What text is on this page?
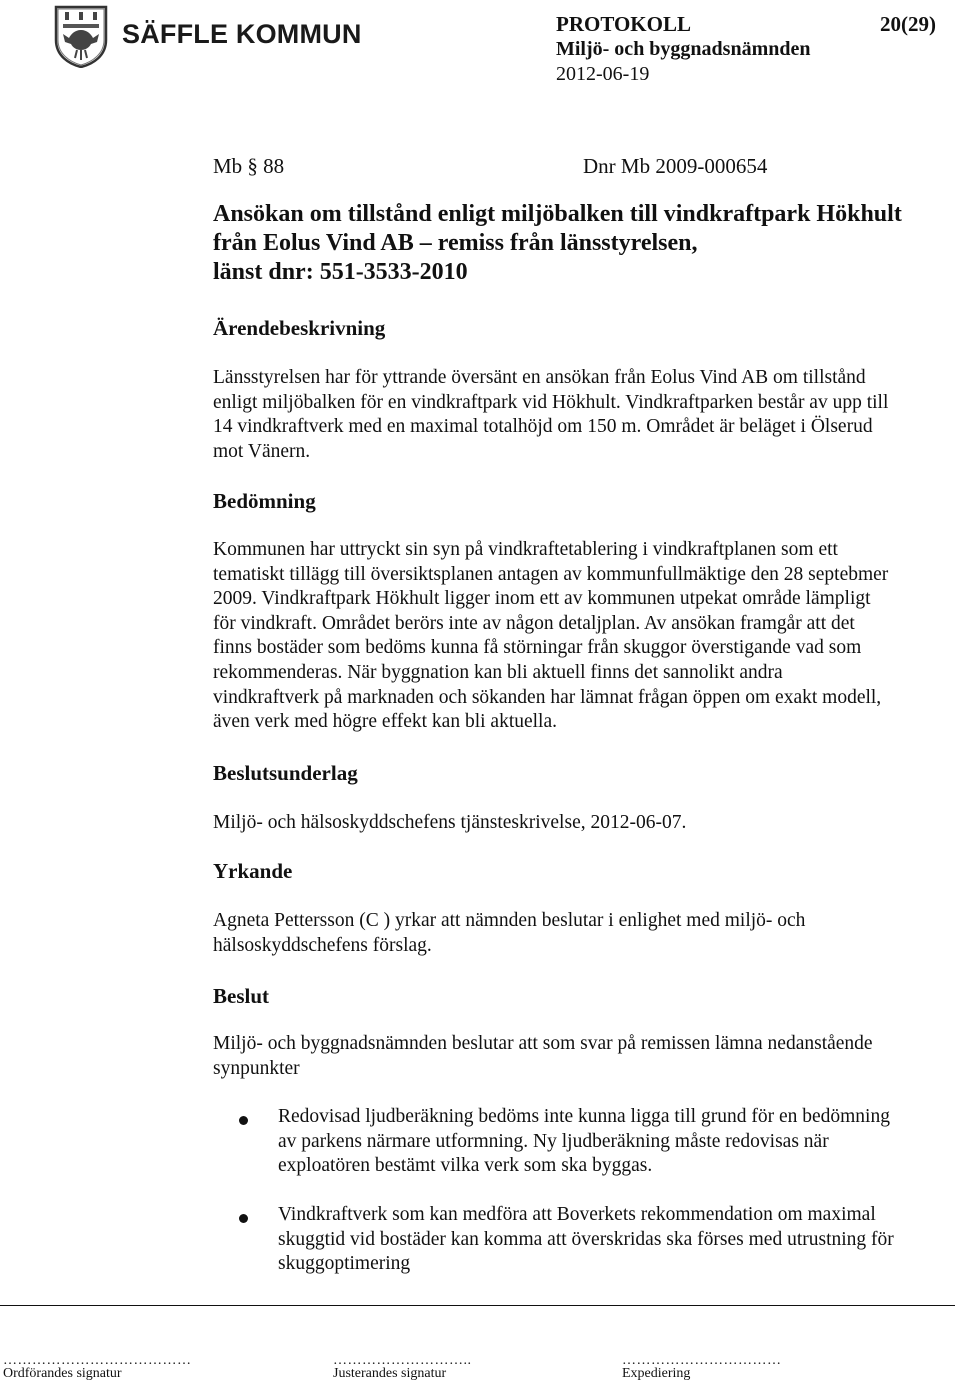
SÄFFLE KOMMUN	PROTOKOLL	20(29)
Miljö- och byggnadsnämnden
2012-06-19
Mb § 88	Dnr Mb 2009-000654
Ansökan om tillstånd enligt miljöbalken till vindkraftpark Hökhult
från Eolus Vind AB – remiss från länsstyrelsen,
länst dnr: 551-3533-2010
Ärendebeskrivning
Länsstyrelsen har för yttrande översänt en ansökan från Eolus Vind AB om tillstånd
enligt miljöbalken för en vindkraftpark vid Hökhult. Vindkraftparken består av upp till
14 vindkraftverk med en maximal totalhöjd om 150 m. Området är beläget i Ölserud
mot Vänern.
Bedömning
Kommunen har uttryckt sin syn på vindkraftetablering i vindkraftplanen som ett
tematiskt tillägg till översiktsplanen antagen av kommunfullmäktige den 28 septebmer
2009. Vindkraftpark Hökhult ligger inom ett av kommunen utpekat område lämpligt
för vindkraft. Området berörs inte av någon detaljplan. Av ansökan framgår att det
finns bostäder som bedöms kunna få störningar från skuggor överstigande vad som
rekommenderas. När byggnation kan bli aktuell finns det sannolikt andra
vindkraftverk på marknaden och sökanden har lämnat frågan öppen om exakt modell,
även verk med högre effekt kan bli aktuella.
Beslutsunderlag
Miljö- och hälsoskyddschefens tjänsteskrivelse, 2012-06-07.
Yrkande
Agneta Pettersson (C ) yrkar att nämnden beslutar i enlighet med miljö- och
hälsoskyddschefens förslag.
Beslut
Miljö- och byggnadsnämnden beslutar att som svar på remissen lämna nedanstående
synpunkter
Redovisad ljudberäkning bedöms inte kunna ligga till grund för en bedömning
av parkens närmare utformning. Ny ljudberäkning måste redovisas när
exploatören bestämt vilka verk som ska byggas.
Vindkraftverk som kan medföra att Boverkets rekommendation om maximal
skuggtid vid bostäder kan komma att överskridas ska förses med utrustning för
skuggoptimering
…………………………………	………………………..	……………………………
Ordförandes signatur	Justerandes signatur	Expediering
